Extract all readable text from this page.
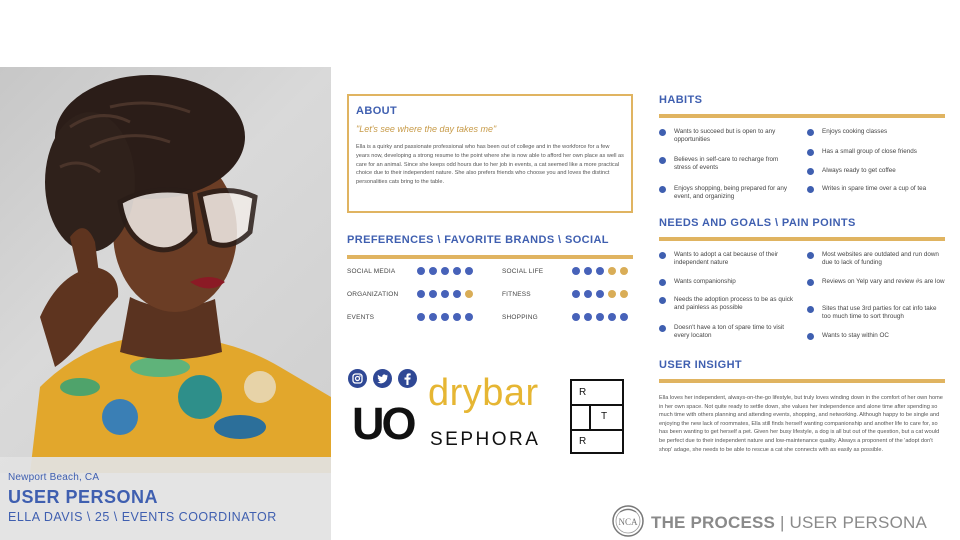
Newport Beach, CA
USER PERSONA
ELLA DAVIS \ 25 \ EVENTS COORDINATOR
ABOUT
"Let's see where the day takes me"
Ella is a quirky and passionate professional who has been out of college and in the workforce for a few years now, developing a strong resume to the point where she is now able to afford her own place as well as care for an animal. Since she keeps odd hours due to her job in events, a cat seemed like a more practical choice due to their independent nature. She also prefers friends who choose you and loves the distinct personalities cats bring to the table.
PREFERENCES \ FAVORITE BRANDS \ SOCIAL
SOCIAL MEDIA	SOCIAL LIFE
ORGANIZATION	FITNESS
EVENTS	SHOPPING
UO
drybar
SEPHORA
R
T
R
HABITS
Wants to succeed but is open to any opportunities
Enjoys cooking classes
Believes in self-care to recharge from stress of events
Has a small group of close friends
Always ready to get coffee
Enjoys shopping, being prepared for any event, and organizing
Writes in spare time over a cup of tea
NEEDS AND GOALS \ PAIN POINTS
Wants to adopt a cat because of their independent nature
Most websites are outdated and run down due to lack of funding
Wants companionship	Reviews on Yelp vary and review #s are low
Needs the adoption process to be as quick and painless as possible	Sites that use 3rd parties for cat info take too much time to sort through
Doesn't have a ton of spare time to visit every locaton	Wants to stay within OC
USER INSIGHT
Ella loves her independent, always-on-the-go lifestyle, but truly loves winding down in the comfort of her own home in her own space. Not quite ready to settle down, she values her independence and alone time after spending so much time with others planning and attending events, shopping, and networking. Although happy to be single and enjoying the new lack of roommates, Ella still finds herself wanting companionship and another life to care for, so has been wanting to get herself a pet. Given her busy lifestyle, a dog is all but out of the question, but a cat would be perfect due to their independent nature and low-maintenance quality. Always a proponent of the 'adopt don't shop' adage, she needs to be able to rescue a cat she connects with as easily as possible.
NCA THE PROCESS | USER PERSONA
